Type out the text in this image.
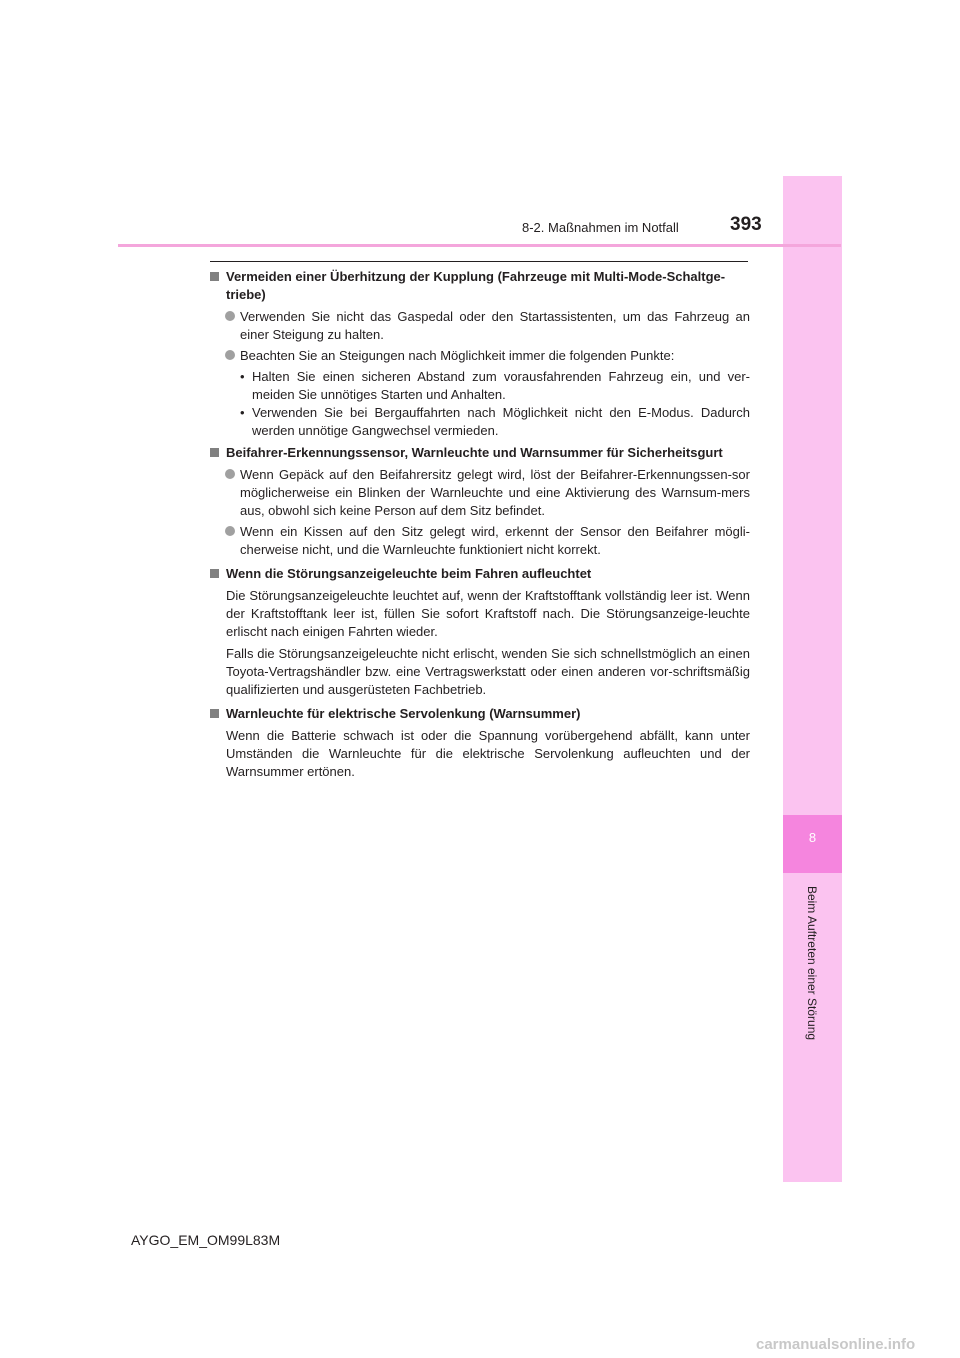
8
Beim Auftreten einer Störung
393
8-2. Maßnahmen im Notfall
Vermeiden einer Überhitzung der Kupplung (Fahrzeuge mit Multi-Mode-Schaltge-triebe)
Verwenden Sie nicht das Gaspedal oder den Startassistenten, um das Fahrzeug an einer Steigung zu halten.
Beachten Sie an Steigungen nach Möglichkeit immer die folgenden Punkte:
• Halten Sie einen sicheren Abstand zum vorausfahrenden Fahrzeug ein, und ver-meiden Sie unnötiges Starten und Anhalten.
• Verwenden Sie bei Bergauffahrten nach Möglichkeit nicht den E-Modus. Dadurch werden unnötige Gangwechsel vermieden.
Beifahrer-Erkennungssensor, Warnleuchte und Warnsummer für Sicherheitsgurt
Wenn Gepäck auf den Beifahrersitz gelegt wird, löst der Beifahrer-Erkennungssen-sor möglicherweise ein Blinken der Warnleuchte und eine Aktivierung des Warnsum-mers aus, obwohl sich keine Person auf dem Sitz befindet.
Wenn ein Kissen auf den Sitz gelegt wird, erkennt der Sensor den Beifahrer mögli-cherweise nicht, und die Warnleuchte funktioniert nicht korrekt.
Wenn die Störungsanzeigeleuchte beim Fahren aufleuchtet
Die Störungsanzeigeleuchte leuchtet auf, wenn der Kraftstofftank vollständig leer ist. Wenn der Kraftstofftank leer ist, füllen Sie sofort Kraftstoff nach. Die Störungsanzeige-leuchte erlischt nach einigen Fahrten wieder.
Falls die Störungsanzeigeleuchte nicht erlischt, wenden Sie sich schnellstmöglich an einen Toyota-Vertragshändler bzw. eine Vertragswerkstatt oder einen anderen vor-schriftsmäßig qualifizierten und ausgerüsteten Fachbetrieb.
Warnleuchte für elektrische Servolenkung (Warnsummer)
Wenn die Batterie schwach ist oder die Spannung vorübergehend abfällt, kann unter Umständen die Warnleuchte für die elektrische Servolenkung aufleuchten und der Warnsummer ertönen.
AYGO_EM_OM99L83M
carmanualsonline.info
